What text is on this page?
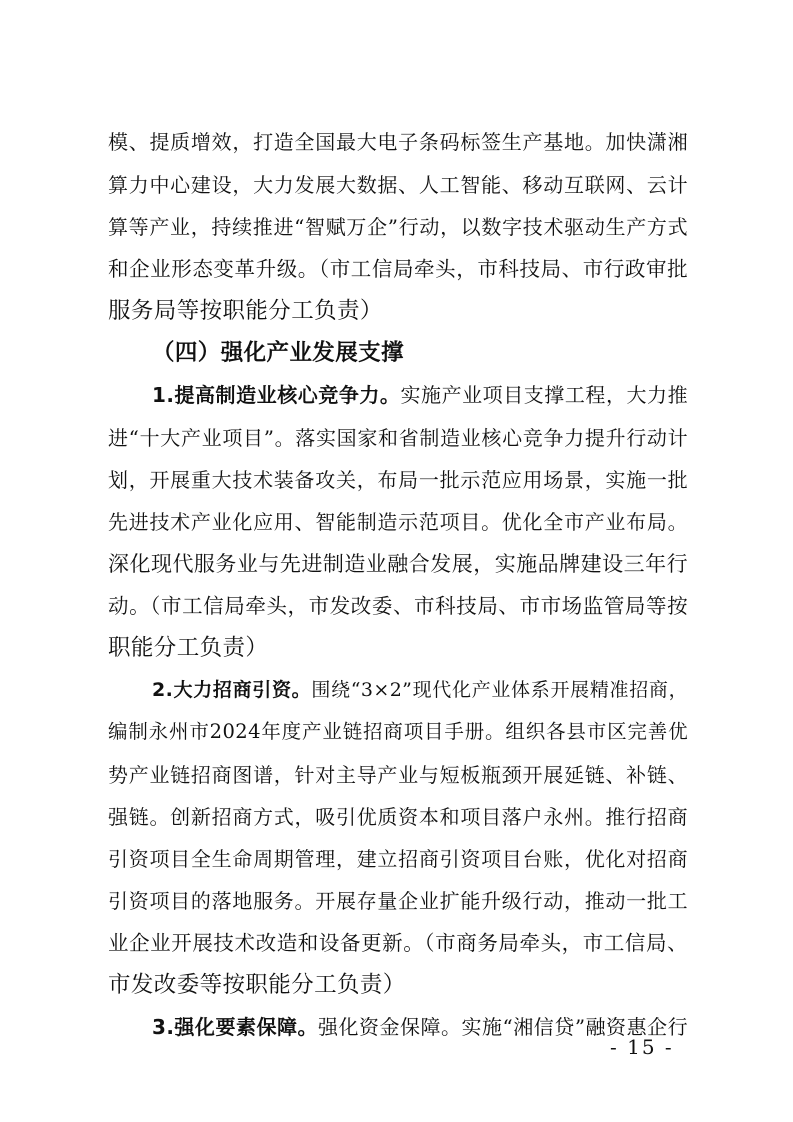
模、提质增效，打造全国最大电子条码标签生产基地。加快潇湘
算力中心建设，大力发展大数据、人工智能、移动互联网、云计
算等产业，持续推进“智赋万企”行动，以数字技术驱动生产方式
和企业形态变革升级。（市工信局牵头，市科技局、市行政审批
服务局等按职能分工负责）
（四）强化产业发展支撑
1.提高制造业核心竞争力。实施产业项目支撑工程，大力推
进“十大产业项目”。落实国家和省制造业核心竞争力提升行动计
划，开展重大技术装备攻关，布局一批示范应用场景，实施一批
先进技术产业化应用、智能制造示范项目。优化全市产业布局。
深化现代服务业与先进制造业融合发展，实施品牌建设三年行
动。（市工信局牵头，市发改委、市科技局、市市场监管局等按
职能分工负责）
2.大力招商引资。围绕“3×2”现代化产业体系开展精准招商，
编制永州市2024年度产业链招商项目手册。组织各县市区完善优
势产业链招商图谱，针对主导产业与短板瓶颈开展延链、补链、
强链。创新招商方式，吸引优质资本和项目落户永州。推行招商
引资项目全生命周期管理，建立招商引资项目台账，优化对招商
引资项目的落地服务。开展存量企业扩能升级行动，推动一批工
业企业开展技术改造和设备更新。（市商务局牵头，市工信局、
市发改委等按职能分工负责）
3.强化要素保障。强化资金保障。实施“湘信贷”融资惠企行
- 15 -
